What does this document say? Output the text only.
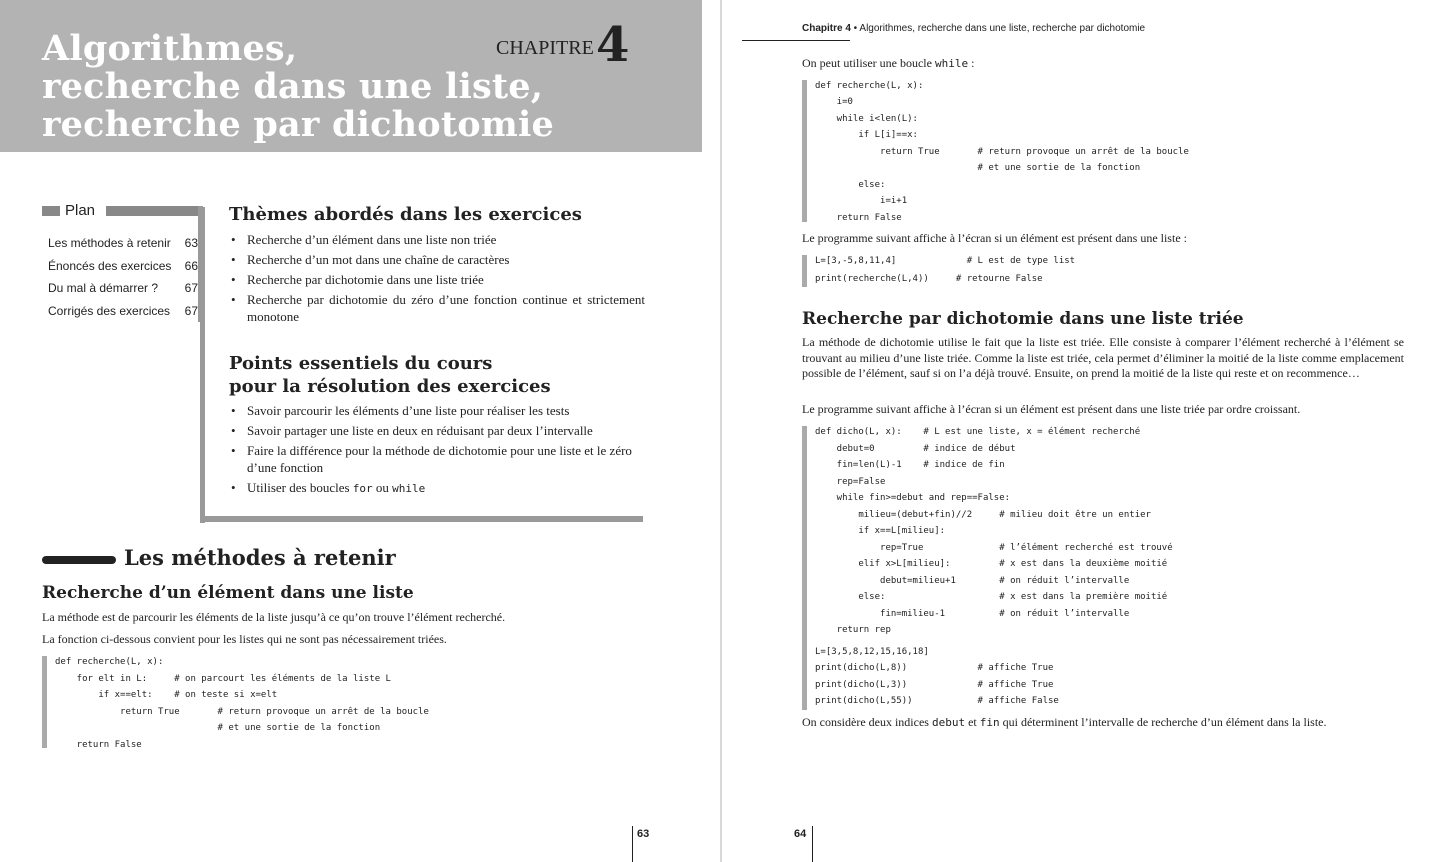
Algorithmes,
recherche dans une liste,
recherche par dichotomie
CHAPITRE 4
Plan
Les méthodes à retenir 63
Énoncés des exercices 66
Du mal à démarrer ? 67
Corrigés des exercices 67
Thèmes abordés dans les exercices
• Recherche d’un élément dans une liste non triée
• Recherche d’un mot dans une chaîne de caractères
• Recherche par dichotomie dans une liste triée
• Recherche par dichotomie du zéro d’une fonction continue et strictement monotone
Points essentiels du cours
pour la résolution des exercices
• Savoir parcourir les éléments d’une liste pour réaliser les tests
• Savoir partager une liste en deux en réduisant par deux l’intervalle
• Faire la différence pour la méthode de dichotomie pour une liste et le zéro d’une fonction
• Utiliser des boucles for ou while
Les méthodes à retenir
Recherche d’un élément dans une liste

La méthode est de parcourir les éléments de la liste jusqu’à ce qu’on trouve l’élément recherché.

La fonction ci-dessous convient pour les listes qui ne sont pas nécessairement triées.

def recherche(L, x):
for elt in L:     # on parcourt les éléments de la liste L
if x==elt:    # on teste si x=elt
return True       # return provoque un arrêt de la boucle
# et une sortie de la fonction
return False
63
Chapitre 4 • Algorithmes, recherche dans une liste, recherche par dichotomie

On peut utiliser une boucle while :

def recherche(L, x):
i=0
while i<len(L):
if L[i]==x:
return True       # return provoque un arrêt de la boucle
# et une sortie de la fonction
else:
i=i+1
return False

Le programme suivant affiche à l’écran si un élément est présent dans une liste :

L=[3,-5,8,11,4]             # L est de type list
print(recherche(L,4))     # retourne False
Recherche par dichotomie dans une liste triée

La méthode de dichotomie utilise le fait que la liste est triée. Elle consiste à comparer l’élément recherché à l’élément se trouvant au milieu d’une liste triée. Comme la liste est triée, cela permet d’éliminer la moitié de la liste comme emplacement possible de l’élément, sauf si on l’a déjà trouvé. Ensuite, on prend la moitié de la liste qui reste et on recommence…

Le programme suivant affiche à l’écran si un élément est présent dans une liste triée par ordre croissant.

def dicho(L, x):    # L est une liste, x = élément recherché
debut=0         # indice de début
fin=len(L)-1    # indice de fin
rep=False
while fin>=debut and rep==False:
milieu=(debut+fin)//2     # milieu doit être un entier
if x==L[milieu]:
rep=True              # l’élément recherché est trouvé
elif x>L[milieu]:         # x est dans la deuxième moitié
debut=milieu+1        # on réduit l’intervalle
else:                     # x est dans la première moitié
fin=milieu-1          # on réduit l’intervalle
return rep
L=[3,5,8,12,15,16,18]
print(dicho(L,8))             # affiche True
print(dicho(L,3))             # affiche True
print(dicho(L,55))            # affiche False

On considère deux indices debut et fin qui déterminent l’intervalle de recherche d’un élément dans la liste.

64
